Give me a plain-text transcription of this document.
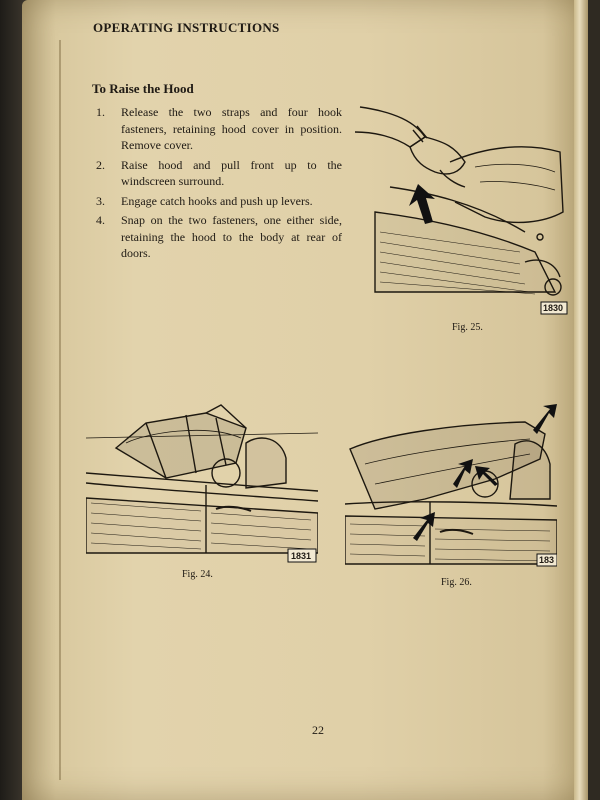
OPERATING INSTRUCTIONS
To Raise the Hood
1.	Release the two straps and four hook fasteners, retaining hood cover in position. Remove cover.
2.	Raise hood and pull front up to the windscreen surround.
3.	Engage catch hooks and push up levers.
4.	Snap on the two fasteners, one either side, retaining the hood to the body at rear of doors.
1830
Fig. 25.
1831
Fig. 24.
183
Fig. 26.
22
